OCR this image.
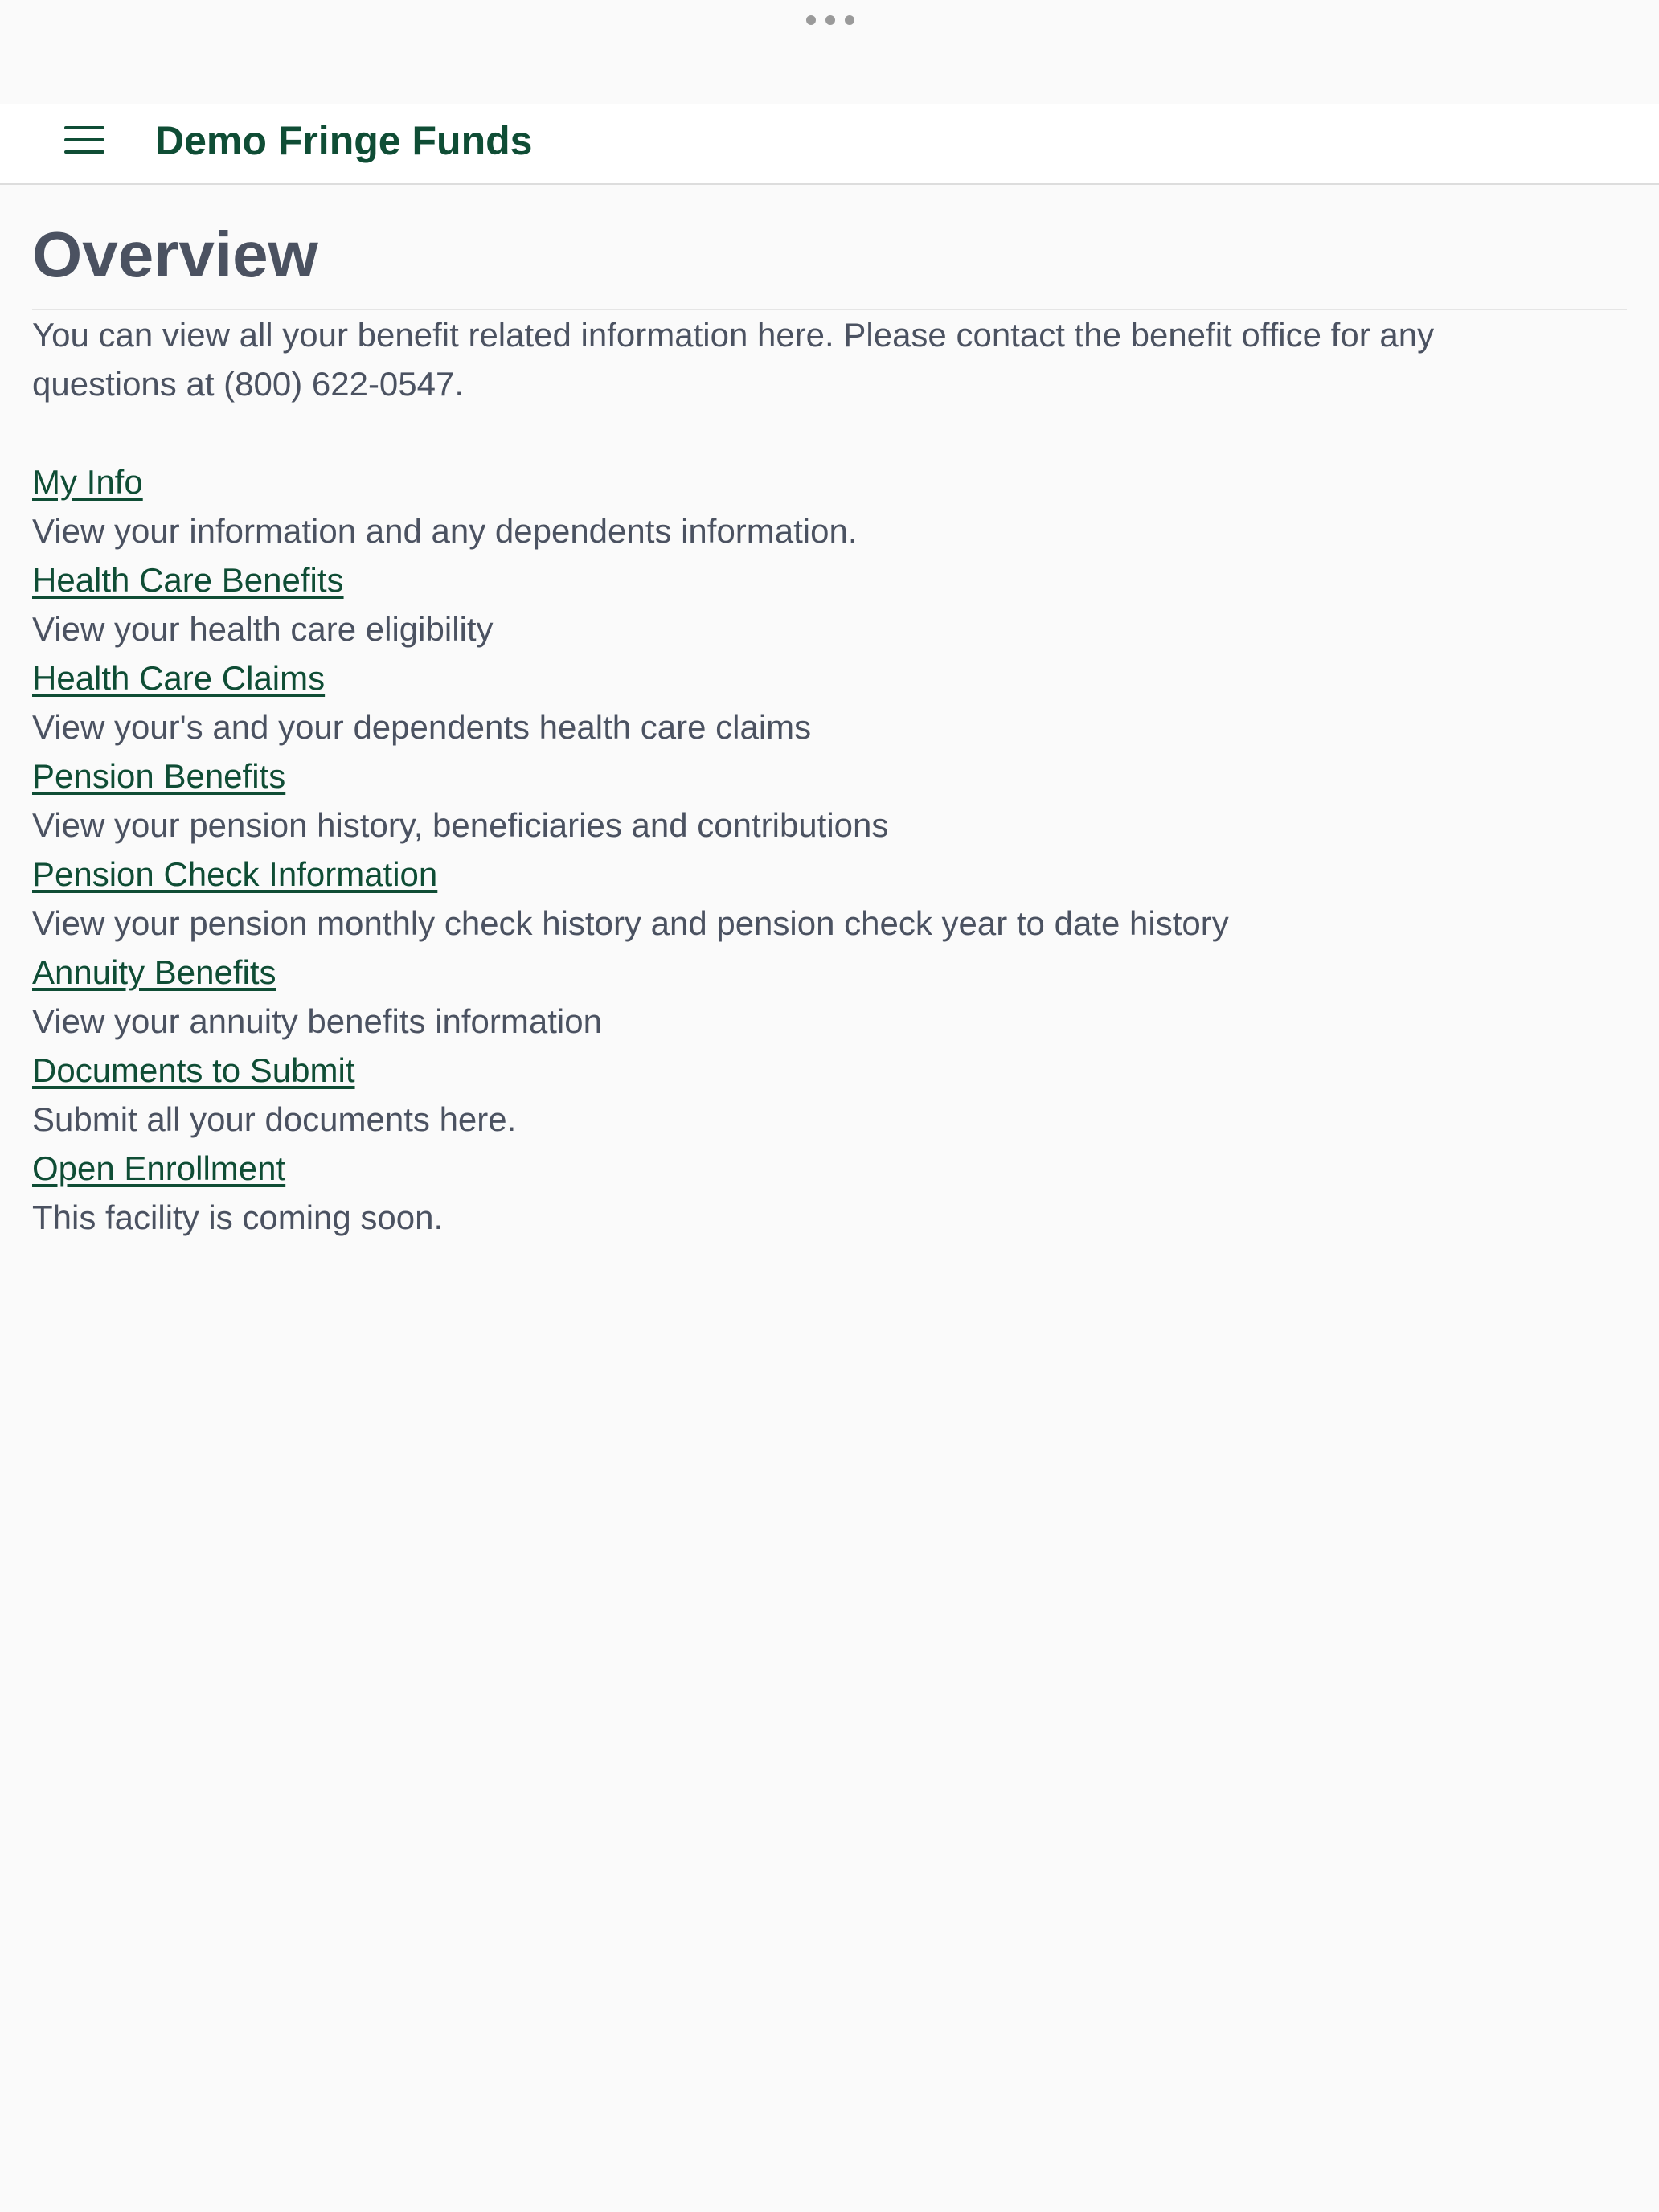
Demo Fringe Funds
Overview

You can view all your benefit related information here. Please contact the benefit office for any questions at (800) 622-0547.

My Info
View your information and any dependents information.
Health Care Benefits
View your health care eligibility
Health Care Claims
View your's and your dependents health care claims
Pension Benefits
View your pension history, beneficiaries and contributions
Pension Check Information
View your pension monthly check history and pension check year to date history
Annuity Benefits
View your annuity benefits information
Documents to Submit
Submit all your documents here.
Open Enrollment
This facility is coming soon.
